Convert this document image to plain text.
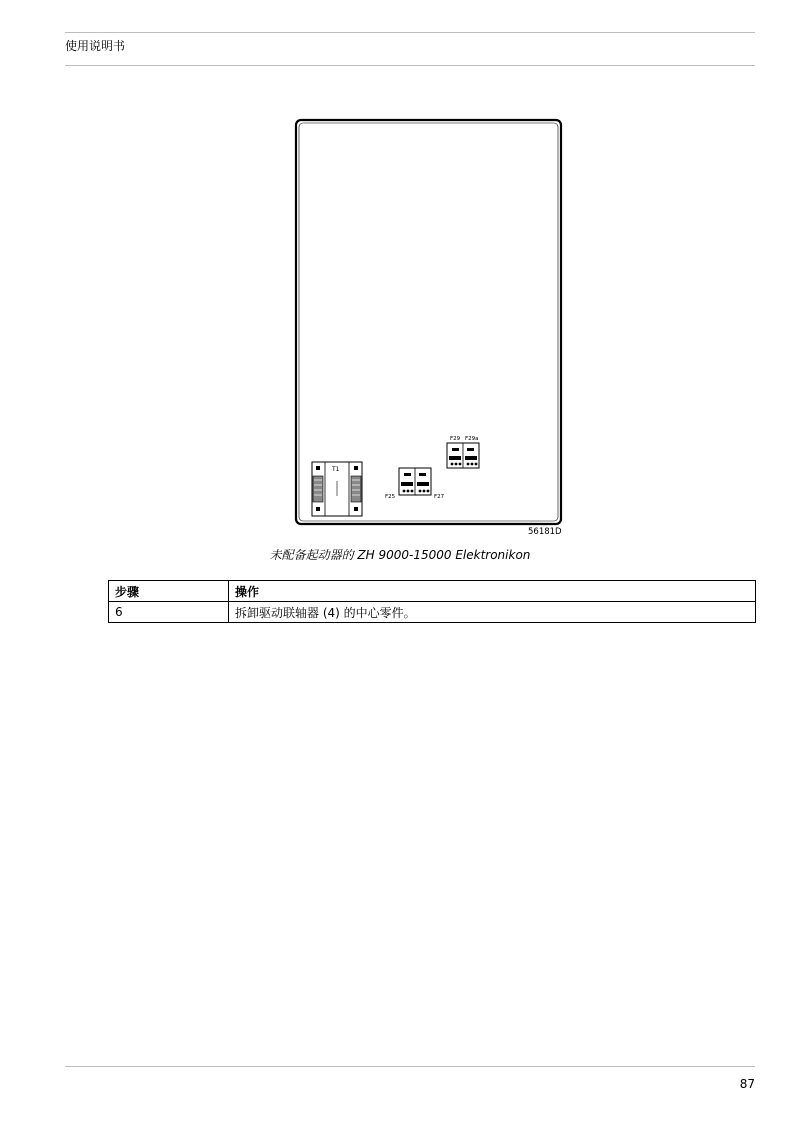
使用说明书
T1
F25	F27
F29 F29a
56181D
未配备起动器的 ZH 9000-15000 Elektronikon
步骤	操作
6	拆卸驱动联轴器 (4) 的中心零件。
87
